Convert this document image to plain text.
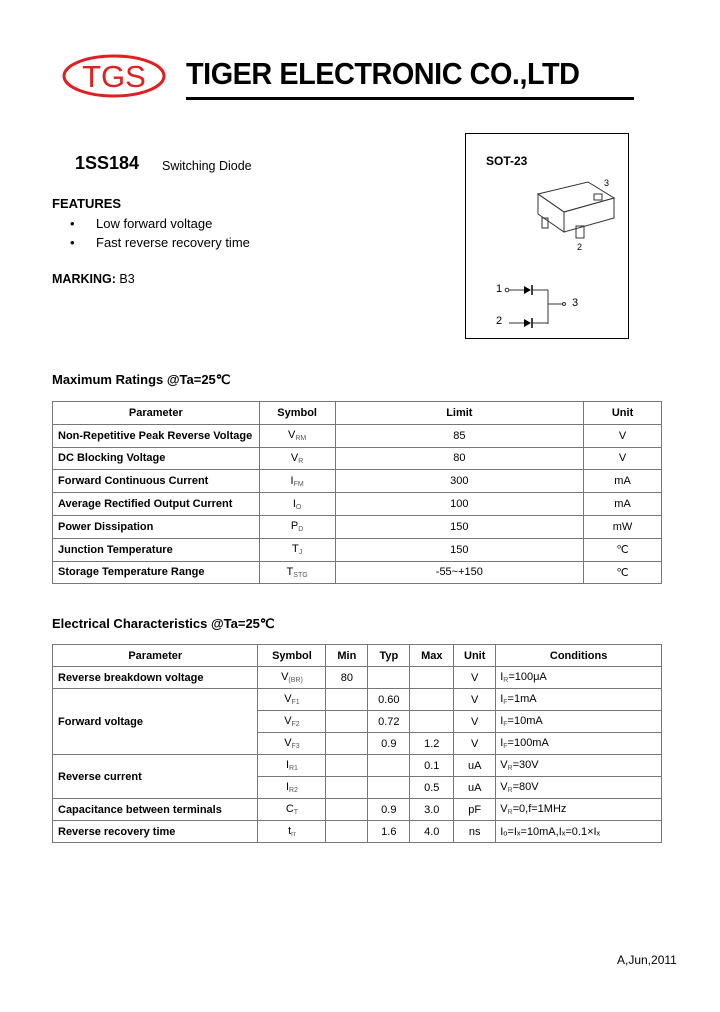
TGS TIGER ELECTRONIC CO.,LTD
1SS184 Switching Diode
FEATURES
• Low forward voltage
• Fast reverse recovery time
MARKING: B3
SOT-23
3
2
1
2
3
Maximum Ratings @Ta=25℃
Parameter	Symbol	Limit	Unit
Non-Repetitive Peak Reverse Voltage	$V_{RM}$	85	V
DC Blocking Voltage	$V_R$	80	V
Forward Continuous Current	$I_{FM}$	300	mA
Average Rectified Output Current	$I_O$	100	mA
Power Dissipation	$P_D$	150	mW
Junction Temperature	$T_J$	150	℃
Storage Temperature Range	$T_{STG}$	-55~+150	℃
Electrical Characteristics @Ta=25℃
Parameter	Symbol	Min	Typ	Max	Unit	Conditions
Reverse breakdown voltage	$V_{(BR)}$	80			V	$I_R=100\mu A$
Forward voltage	$V_{F1}$		0.60		V	$I_F=1mA$
	$V_{F2}$		0.72		V	$I_F=10mA$
	$V_{F3}$		0.9	1.2	V	$I_F=100mA$
Reverse current	$I_{R1}$			0.1	uA	$V_R=30V$
	$I_{R2}$			0.5	uA	$V_R=80V$
Capacitance between terminals	$C_T$		0.9	3.0	pF	$V_R=0,f=1MHz$
Reverse recovery time	$t_{rr}$		1.6	4.0	ns	Iₒ=Iₓ=10mA,Iₓ=0.1×Iₓ
A,Jun,2011
